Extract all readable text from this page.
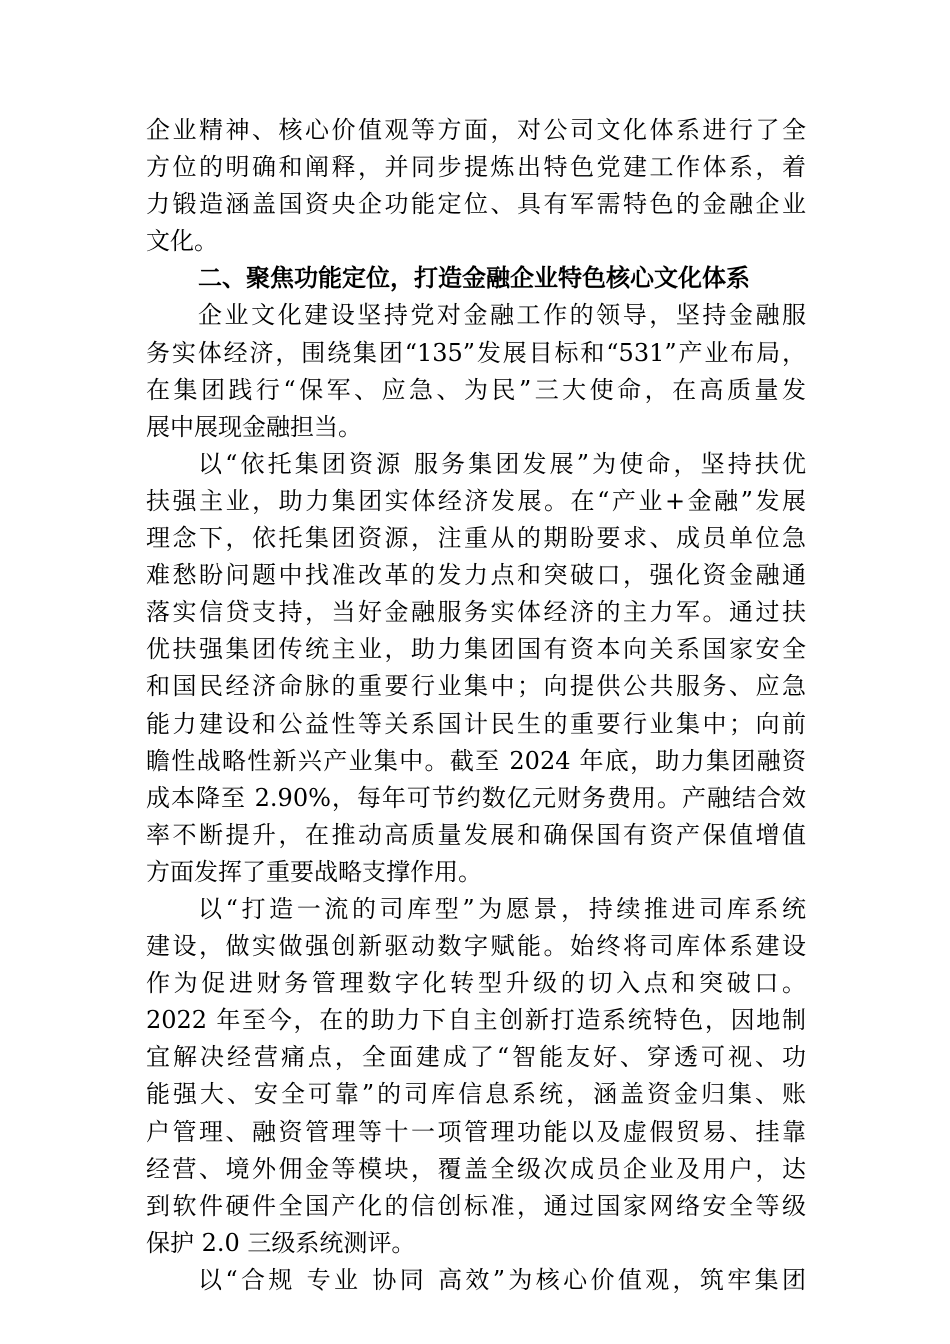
企业精神、核心价值观等方面，对公司文化体系进行了全
方位的明确和阐释，并同步提炼出特色党建工作体系，着
力锻造涵盖国资央企功能定位、具有军需特色的金融企业
文化。
二、聚焦功能定位，打造金融企业特色核心文化体系
企业文化建设坚持党对金融工作的领导，坚持金融服
务实体经济，围绕集团“135”发展目标和“531”产业布局，
在集团践行“保军、应急、为民”三大使命，在高质量发
展中展现金融担当。
以“依托集团资源 服务集团发展”为使命，坚持扶优
扶强主业，助力集团实体经济发展。在“产业+金融”发展
理念下，依托集团资源，注重从的期盼要求、成员单位急
难愁盼问题中找准改革的发力点和突破口，强化资金融通
落实信贷支持，当好金融服务实体经济的主力军。通过扶
优扶强集团传统主业，助力集团国有资本向关系国家安全
和国民经济命脉的重要行业集中；向提供公共服务、应急
能力建设和公益性等关系国计民生的重要行业集中；向前
瞻性战略性新兴产业集中。截至 2024 年底，助力集团融资
成本降至 2.90%，每年可节约数亿元财务费用。产融结合效
率不断提升，在推动高质量发展和确保国有资产保值增值
方面发挥了重要战略支撑作用。
以“打造一流的司库型”为愿景，持续推进司库系统
建设，做实做强创新驱动数字赋能。始终将司库体系建设
作为促进财务管理数字化转型升级的切入点和突破口。
2022 年至今，在的助力下自主创新打造系统特色，因地制
宜解决经营痛点，全面建成了“智能友好、穿透可视、功
能强大、安全可靠”的司库信息系统，涵盖资金归集、账
户管理、融资管理等十一项管理功能以及虚假贸易、挂靠
经营、境外佣金等模块，覆盖全级次成员企业及用户，达
到软件硬件全国产化的信创标准，通过国家网络安全等级
保护 2.0 三级系统测评。
以“合规 专业 协同 高效”为核心价值观，筑牢集团
